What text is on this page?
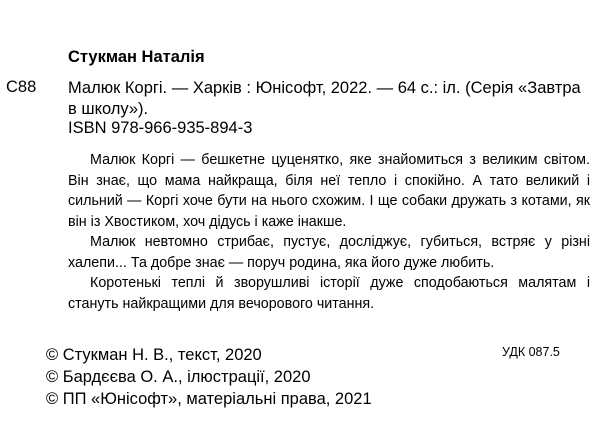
Стукман Наталія
С88 Малюк Коргі. — Харків : Юнісофт, 2022. — 64 с.: іл. (Серія «Завтра в школу»).
ISBN 978-966-935-894-3

Малюк Коргі — бешкетне цуценятко, яке знайомиться з великим світом. Він знає, що мама найкраща, біля неї тепло і спокійно. А тато великий і сильний — Коргі хоче бути на нього схожим. І ще собаки дружать з котами, як він із Хвостиком, хоч дідусь і каже інакше.

Малюк невтомно стрибає, пустує, досліджує, губиться, встряє у різні халепи... Та добре знає — поруч родина, яка його дуже любить.

Коротенькі теплі й зворушливі історії дуже сподобаються малятам і стануть найкращими для вечорового читання.

© Стукман Н. В., текст, 2020
© Бардєєва О. А., ілюстрації, 2020
© ПП «Юнісофт», матеріальні права, 2021
УДК 087.5
